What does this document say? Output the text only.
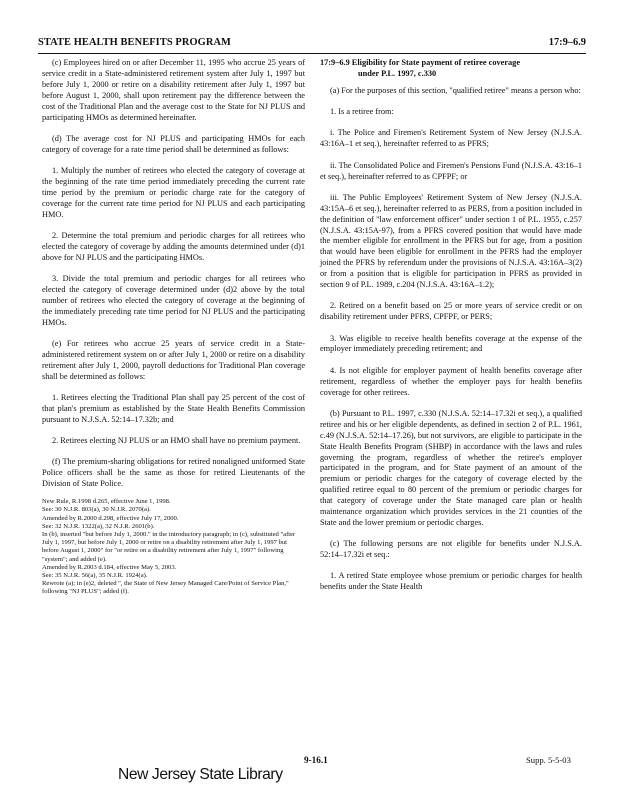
STATE HEALTH BENEFITS PROGRAM	17:9–6.9

(c) Employees hired on or after December 11, 1995 who accrue 25 years of service credit in a State-administered retirement system after July 1, 1997 but before July 1, 2000 or retire on a disability retirement after July 1, 1997 but before August 1, 2000, shall upon retirement pay the difference between the cost of the Traditional Plan and the average cost to the State for NJ PLUS and participating HMOs as determined hereinafter.

(d) The average cost for NJ PLUS and participating HMOs for each category of coverage for a rate time period shall be determined as follows:

1. Multiply the number of retirees who elected the category of coverage at the beginning of the rate time period immediately preceding the current rate time period by the premium or periodic charge rate for the category of coverage for the current rate time period for NJ PLUS and each participating HMO.

2. Determine the total premium and periodic charges for all retirees who elected the category of coverage by adding the amounts determined under (d)1 above for NJ PLUS and the participating HMOs.

3. Divide the total premium and periodic charges for all retirees who elected the category of coverage determined under (d)2 above by the total number of retirees who elected the category of coverage at the beginning of the immediately preceding rate time period for NJ PLUS and the participating HMOs.

(e) For retirees who accrue 25 years of service credit in a State-administered retirement system on or after July 1, 2000 or retire on a disability retirement after July 1, 2000, payroll deductions for Traditional Plan coverage shall be determined as follows:

1. Retirees electing the Traditional Plan shall pay 25 percent of the cost of that plan's premium as established by the State Health Benefits Commission pursuant to N.J.S.A. 52:14–17.32b; and

2. Retirees electing NJ PLUS or an HMO shall have no premium payment.

(f) The premium-sharing obligations for retired nonaligned uniformed State Police officers shall be the same as those for retired Lieutenants of the Division of State Police.

New Rule, R.1998 d.265, effective June 1, 1998.

See: 30 N.J.R. 803(a), 30 N.J.R. 2070(a).

Amended by R.2000 d.298, effective July 17, 2000.

See: 32 N.J.R. 1322(a), 32 N.J.R. 2601(b).

In (b), inserted "but before July 1, 2000." in the introductory paragraph; in (c), substituted "after July 1, 1997, but before July 1, 2000 or retire on a disability retirement after July 1, 1997 but before August 1, 2000" for "or retire on a disability retirement after July 1, 1997" following "system"; and added (e).

Amended by R.2003 d.184, effective May 5, 2003.

See: 35 N.J.R. 56(a), 35 N.J.R. 1924(a).

Rewrote (a); in (e)2, deleted ", the State of New Jersey Managed Care/Point of Service Plan," following "NJ PLUS"; added (f).

17:9–6.9 Eligibility for State payment of retiree coverage
under P.L. 1997, c.330

(a) For the purposes of this section, "qualified retiree" means a person who:

1. Is a retiree from:

i. The Police and Firemen's Retirement System of New Jersey (N.J.S.A. 43:16A–1 et seq.), hereinafter referred to as PFRS;

ii. The Consolidated Police and Firemen's Pensions Fund (N.J.S.A. 43:16–1 et seq.), hereinafter referred to as CPFPF; or

iii. The Public Employees' Retirement System of New Jersey (N.J.S.A. 43:15A–6 et seq.), hereinafter referred to as PERS, from a position included in the definition of "law enforcement officer" under section 1 of P.L. 1955, c.257 (N.J.S.A. 43:15A-97), from a PFRS covered position that would have made the member eligible for enrollment in the PFRS but for age, from a position that would have been eligible for enrollment in the PFRS had the employer joined the PFRS by referendum under the provisions of N.J.S.A. 43:16A–3(2) or from a position that is eligible for participation in PFRS as provided in section 9 of P.L. 1989, c.204 (N.J.S.A. 43:16A–1.2);

2. Retired on a benefit based on 25 or more years of service credit or on disability retirement under PFRS, CPFPF, or PERS;

3. Was eligible to receive health benefits coverage at the expense of the employer immediately preceding retirement; and

4. Is not eligible for employer payment of health benefits coverage after retirement, regardless of whether the employer pays for health benefits coverage for other retirees.

(b) Pursuant to P.L. 1997, c.330 (N.J.S.A. 52:14–17.32i et seq.), a qualified retiree and his or her eligible dependents, as defined in section 2 of P.L. 1961, c.49 (N.J.S.A. 52:14–17.26), but not survivors, are eligible to participate in the State Health Benefits Program (SHBP) in accordance with the laws and rules governing the program, regardless of whether the retiree's employer participated in the program, and for State payment of an amount of the premium or periodic charges for the category of coverage elected by the qualified retiree equal to 80 percent of the premium or periodic charges for that category of coverage under the State managed care plan or health maintenance organization which provides services in the 21 counties of the State and the lower premium or periodic charges.

(c) The following persons are not eligible for benefits under N.J.S.A. 52:14–17.32i et seq.:

1. A retired State employee whose premium or periodic charges for health benefits under the State Health

New Jersey State Library
9-16.1	Supp. 5-5-03
